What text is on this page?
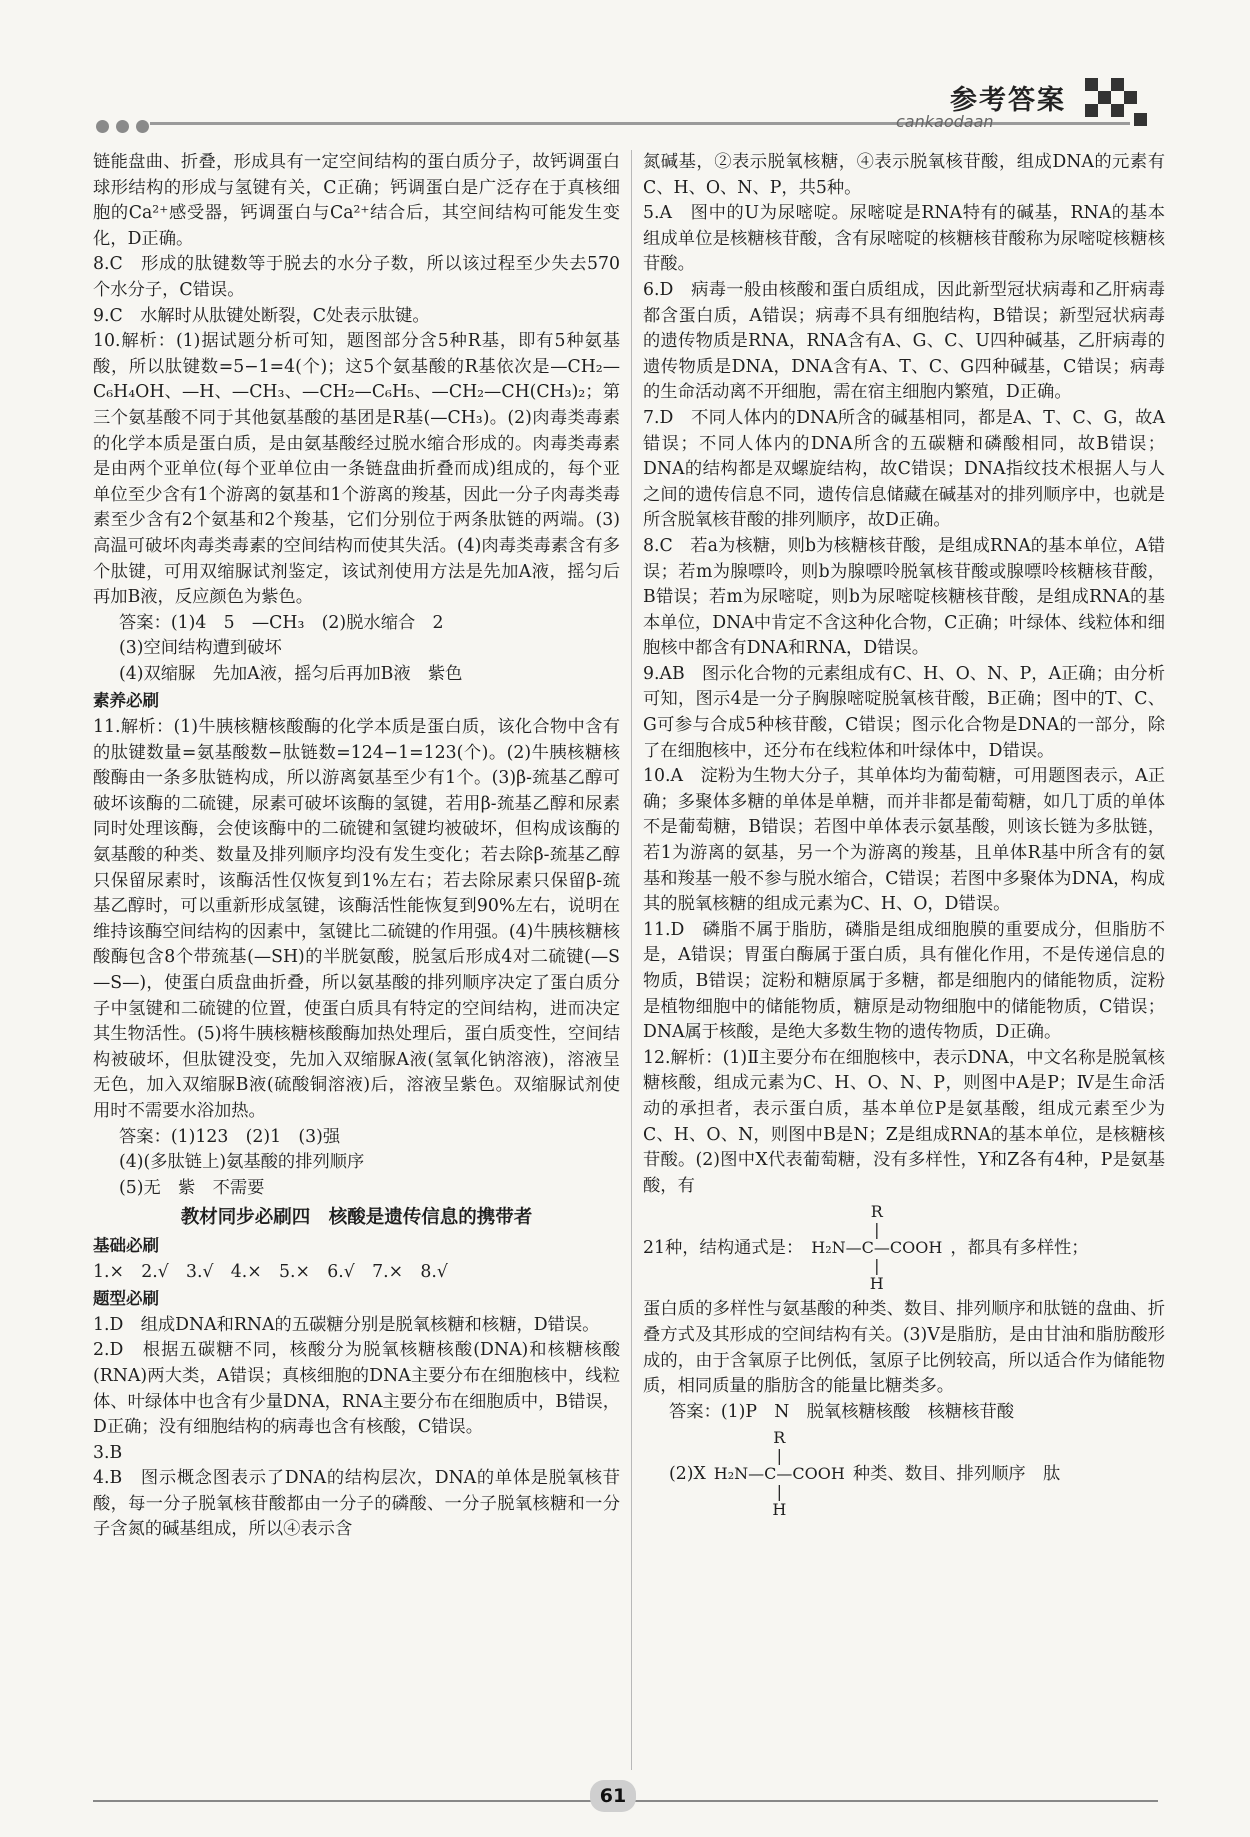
参考答案
cankaodaan

链能盘曲、折叠，形成具有一定空间结构的蛋白质分子，故钙调蛋白球形结构的形成与氢键有关，C正确；钙调蛋白是广泛存在于真核细胞的Ca²⁺感受器，钙调蛋白与Ca²⁺结合后，其空间结构可能发生变化，D正确。

8.C　形成的肽键数等于脱去的水分子数，所以该过程至少失去570个水分子，C错误。

9.C　水解时从肽键处断裂，C处表示肽键。

10.解析：(1)据试题分析可知，题图部分含5种R基，即有5种氨基酸，所以肽键数=5−1=4(个)；这5个氨基酸的R基依次是—CH₂—C₆H₄OH、—H、—CH₃、—CH₂—C₆H₅、—CH₂—CH(CH₃)₂；第三个氨基酸不同于其他氨基酸的基团是R基(—CH₃)。(2)肉毒类毒素的化学本质是蛋白质，是由氨基酸经过脱水缩合形成的。肉毒类毒素是由两个亚单位(每个亚单位由一条链盘曲折叠而成)组成的，每个亚单位至少含有1个游离的氨基和1个游离的羧基，因此一分子肉毒类毒素至少含有2个氨基和2个羧基，它们分别位于两条肽链的两端。(3)高温可破坏肉毒类毒素的空间结构而使其失活。(4)肉毒类毒素含有多个肽键，可用双缩脲试剂鉴定，该试剂使用方法是先加A液，摇匀后再加B液，反应颜色为紫色。

答案：(1)4　5　—CH₃　(2)脱水缩合　2

(3)空间结构遭到破坏

(4)双缩脲　先加A液，摇匀后再加B液　紫色

素养必刷

11.解析：(1)牛胰核糖核酸酶的化学本质是蛋白质，该化合物中含有的肽键数量=氨基酸数−肽链数=124−1=123(个)。(2)牛胰核糖核酸酶由一条多肽链构成，所以游离氨基至少有1个。(3)β-巯基乙醇可破坏该酶的二硫键，尿素可破坏该酶的氢键，若用β-巯基乙醇和尿素同时处理该酶，会使该酶中的二硫键和氢键均被破坏，但构成该酶的氨基酸的种类、数量及排列顺序均没有发生变化；若去除β-巯基乙醇只保留尿素时，该酶活性仅恢复到1%左右；若去除尿素只保留β-巯基乙醇时，可以重新形成氢键，该酶活性能恢复到90%左右，说明在维持该酶空间结构的因素中，氢键比二硫键的作用强。(4)牛胰核糖核酸酶包含8个带巯基(—SH)的半胱氨酸，脱氢后形成4对二硫键(—S—S—)，使蛋白质盘曲折叠，所以氨基酸的排列顺序决定了蛋白质分子中氢键和二硫键的位置，使蛋白质具有特定的空间结构，进而决定其生物活性。(5)将牛胰核糖核酸酶加热处理后，蛋白质变性，空间结构被破坏，但肽键没变，先加入双缩脲A液(氢氧化钠溶液)，溶液呈无色，加入双缩脲B液(硫酸铜溶液)后，溶液呈紫色。双缩脲试剂使用时不需要水浴加热。

答案：(1)123　(2)1　(3)强

(4)(多肽链上)氨基酸的排列顺序

(5)无　紫　不需要

教材同步必刷四　核酸是遗传信息的携带者
基础必刷

1.×　2.√　3.√　4.×　5.×　6.√　7.×　8.√

题型必刷

1.D　组成DNA和RNA的五碳糖分别是脱氧核糖和核糖，D错误。

2.D　根据五碳糖不同，核酸分为脱氧核糖核酸(DNA)和核糖核酸(RNA)两大类，A错误；真核细胞的DNA主要分布在细胞核中，线粒体、叶绿体中也含有少量DNA，RNA主要分布在细胞质中，B错误，D正确；没有细胞结构的病毒也含有核酸，C错误。

3.B

4.B　图示概念图表示了DNA的结构层次，DNA的单体是脱氧核苷酸，每一分子脱氧核苷酸都由一分子的磷酸、一分子脱氧核糖和一分子含氮的碱基组成，所以④表示含

氮碱基，②表示脱氧核糖，④表示脱氧核苷酸，组成DNA的元素有C、H、O、N、P，共5种。

5.A　图中的U为尿嘧啶。尿嘧啶是RNA特有的碱基，RNA的基本组成单位是核糖核苷酸，含有尿嘧啶的核糖核苷酸称为尿嘧啶核糖核苷酸。

6.D　病毒一般由核酸和蛋白质组成，因此新型冠状病毒和乙肝病毒都含蛋白质，A错误；病毒不具有细胞结构，B错误；新型冠状病毒的遗传物质是RNA，RNA含有A、G、C、U四种碱基，乙肝病毒的遗传物质是DNA，DNA含有A、T、C、G四种碱基，C错误；病毒的生命活动离不开细胞，需在宿主细胞内繁殖，D正确。

7.D　不同人体内的DNA所含的碱基相同，都是A、T、C、G，故A错误；不同人体内的DNA所含的五碳糖和磷酸相同，故B错误；DNA的结构都是双螺旋结构，故C错误；DNA指纹技术根据人与人之间的遗传信息不同，遗传信息储藏在碱基对的排列顺序中，也就是所含脱氧核苷酸的排列顺序，故D正确。

8.C　若a为核糖，则b为核糖核苷酸，是组成RNA的基本单位，A错误；若m为腺嘌呤，则b为腺嘌呤脱氧核苷酸或腺嘌呤核糖核苷酸，B错误；若m为尿嘧啶，则b为尿嘧啶核糖核苷酸，是组成RNA的基本单位，DNA中肯定不含这种化合物，C正确；叶绿体、线粒体和细胞核中都含有DNA和RNA，D错误。

9.AB　图示化合物的元素组成有C、H、O、N、P，A正确；由分析可知，图示4是一分子胸腺嘧啶脱氧核苷酸，B正确；图中的T、C、G可参与合成5种核苷酸，C错误；图示化合物是DNA的一部分，除了在细胞核中，还分布在线粒体和叶绿体中，D错误。

10.A　淀粉为生物大分子，其单体均为葡萄糖，可用题图表示，A正确；多聚体多糖的单体是单糖，而并非都是葡萄糖，如几丁质的单体不是葡萄糖，B错误；若图中单体表示氨基酸，则该长链为多肽链，若1为游离的氨基，另一个为游离的羧基，且单体R基中所含有的氨基和羧基一般不参与脱水缩合，C错误；若图中多聚体为DNA，构成其的脱氧核糖的组成元素为C、H、O，D错误。

11.D　磷脂不属于脂肪，磷脂是组成细胞膜的重要成分，但脂肪不是，A错误；胃蛋白酶属于蛋白质，具有催化作用，不是传递信息的物质，B错误；淀粉和糖原属于多糖，都是细胞内的储能物质，淀粉是植物细胞中的储能物质，糖原是动物细胞中的储能物质，C错误；DNA属于核酸，是绝大多数生物的遗传物质，D正确。

12.解析：(1)Ⅱ主要分布在细胞核中，表示DNA，中文名称是脱氧核糖核酸，组成元素为C、H、O、N、P，则图中A是P；Ⅳ是生命活动的承担者，表示蛋白质，基本单位P是氨基酸，组成元素至少为C、H、O、N，则图中B是N；Z是组成RNA的基本单位，是核糖核苷酸。(2)图中X代表葡萄糖，没有多样性，Y和Z各有4种，P是氨基酸，有

21种，结构通式是：
R
|
H₂N—C—COOH
|
H
，都具有多样性；

蛋白质的多样性与氨基酸的种类、数目、排列顺序和肽链的盘曲、折叠方式及其形成的空间结构有关。(3)Ⅴ是脂肪，是由甘油和脂肪酸形成的，由于含氧原子比例低，氢原子比例较高，所以适合作为储能物质，相同质量的脂肪含的能量比糖类多。

答案：(1)P　N　脱氧核糖核酸　核糖核苷酸

(2)X
R
|
H₂N—C—COOH
|
H
种类、数目、排列顺序　肽
61
